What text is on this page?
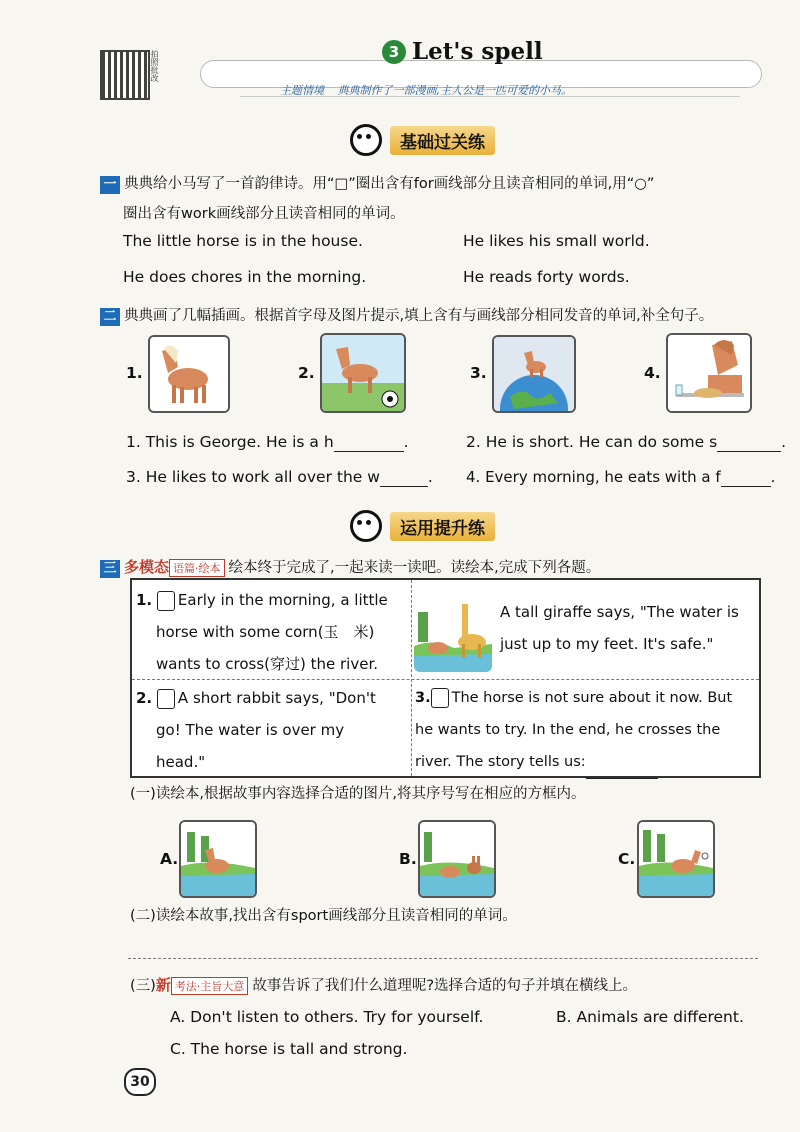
拍照批改	3 Let's spell
主题情境 典典制作了一部漫画,主人公是一匹可爱的小马。
基础过关练
一 典典给小马写了一首韵律诗。用“□”圈出含有for画线部分且读音相同的单词,用“○”
圈出含有work画线部分且读音相同的单词。
The little horse is in the house.	He likes his small world.
He does chores in the morning.	He reads forty words.
二 典典画了几幅插画。根据首字母及图片提示,填上含有与画线部分相同发音的单词,补全句子。
1.	2.	3.	4.
1. This is George. He is a h	.	2. He is short. He can do some s	.
3. He likes to work all over the w	. 4. Every morning, he eats with a f	.
运用提升练
三 多模态 语篇·绘本 绘本终于完成了,一起来读一读吧。读绘本,完成下列各题。
1. Early in the morning, a little
horse with some corn(玉　米)
wants to cross(穿过) the river.
A tall giraffe says, "The water is
just up to my feet. It's safe."
2. A short rabbit says, "Don't
go! The water is over my
head."
3. The horse is not sure about it now. But
he wants to try. In the end, he crosses the
river. The story tells us:
(一)读绘本,根据故事内容选择合适的图片,将其序号写在相应的方框内。
A.	B.	C.
(二)读绘本故事,找出含有sport画线部分且读音相同的单词。
(三)新 考法·主旨大意 故事告诉了我们什么道理呢?选择合适的句子并填在横线上。
A. Don't listen to others. Try for yourself.	B. Animals are different.
C. The horse is tall and strong.
30
